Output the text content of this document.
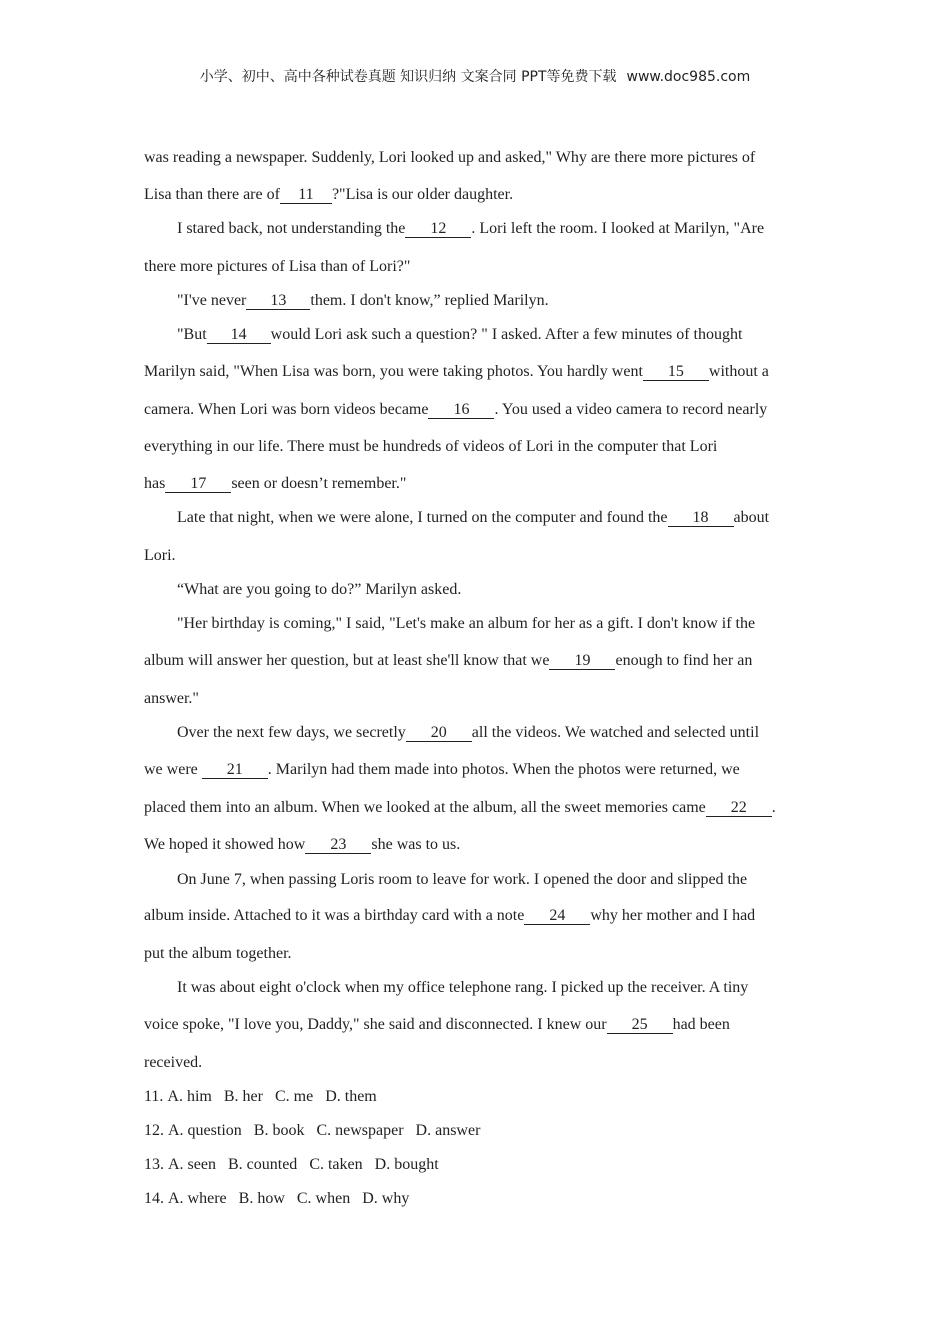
小学、初中、高中各种试卷真题 知识归纳 文案合同 PPT等免费下载 www.doc985.com
was reading a newspaper. Suddenly, Lori looked up and asked," Why are there more pictures of
Lisa than there are of 11 ?"Lisa is our older daughter.
I stared back, not understanding the 12 . Lori left the room. I looked at Marilyn, "Are
there more pictures of Lisa than of Lori?"
"I've never 13 them. I don't know,” replied Marilyn.
"But 14 would Lori ask such a question? " I asked. After a few minutes of thought
Marilyn said, "When Lisa was born, you were taking photos. You hardly went 15 without a
camera. When Lori was born videos became 16 . You used a video camera to record nearly
everything in our life. There must be hundreds of videos of Lori in the computer that Lori
has 17 seen or doesn’t remember."
Late that night, when we were alone, I turned on the computer and found the 18 about
Lori.
“What are you going to do?” Marilyn asked.
"Her birthday is coming," I said, "Let's make an album for her as a gift. I don't know if the
album will answer her question, but at least she'll know that we 19 enough to find her an
answer."
Over the next few days, we secretly 20 all the videos. We watched and selected until
we were 21 . Marilyn had them made into photos. When the photos were returned, we
placed them into an album. When we looked at the album, all the sweet memories came 22 .
We hoped it showed how 23 she was to us.
On June 7, when passing Loris room to leave for work. I opened the door and slipped the
album inside. Attached to it was a birthday card with a note 24 why her mother and I had
put the album together.
It was about eight o'clock when my office telephone rang. I picked up the receiver. A tiny
voice spoke, "I love you, Daddy," she said and disconnected. I knew our 25 had been
received.
11. A. him B. her C. me D. them
12. A. question B. book C. newspaper D. answer
13. A. seen B. counted C. taken D. bought
14. A. where B. how C. when D. why
